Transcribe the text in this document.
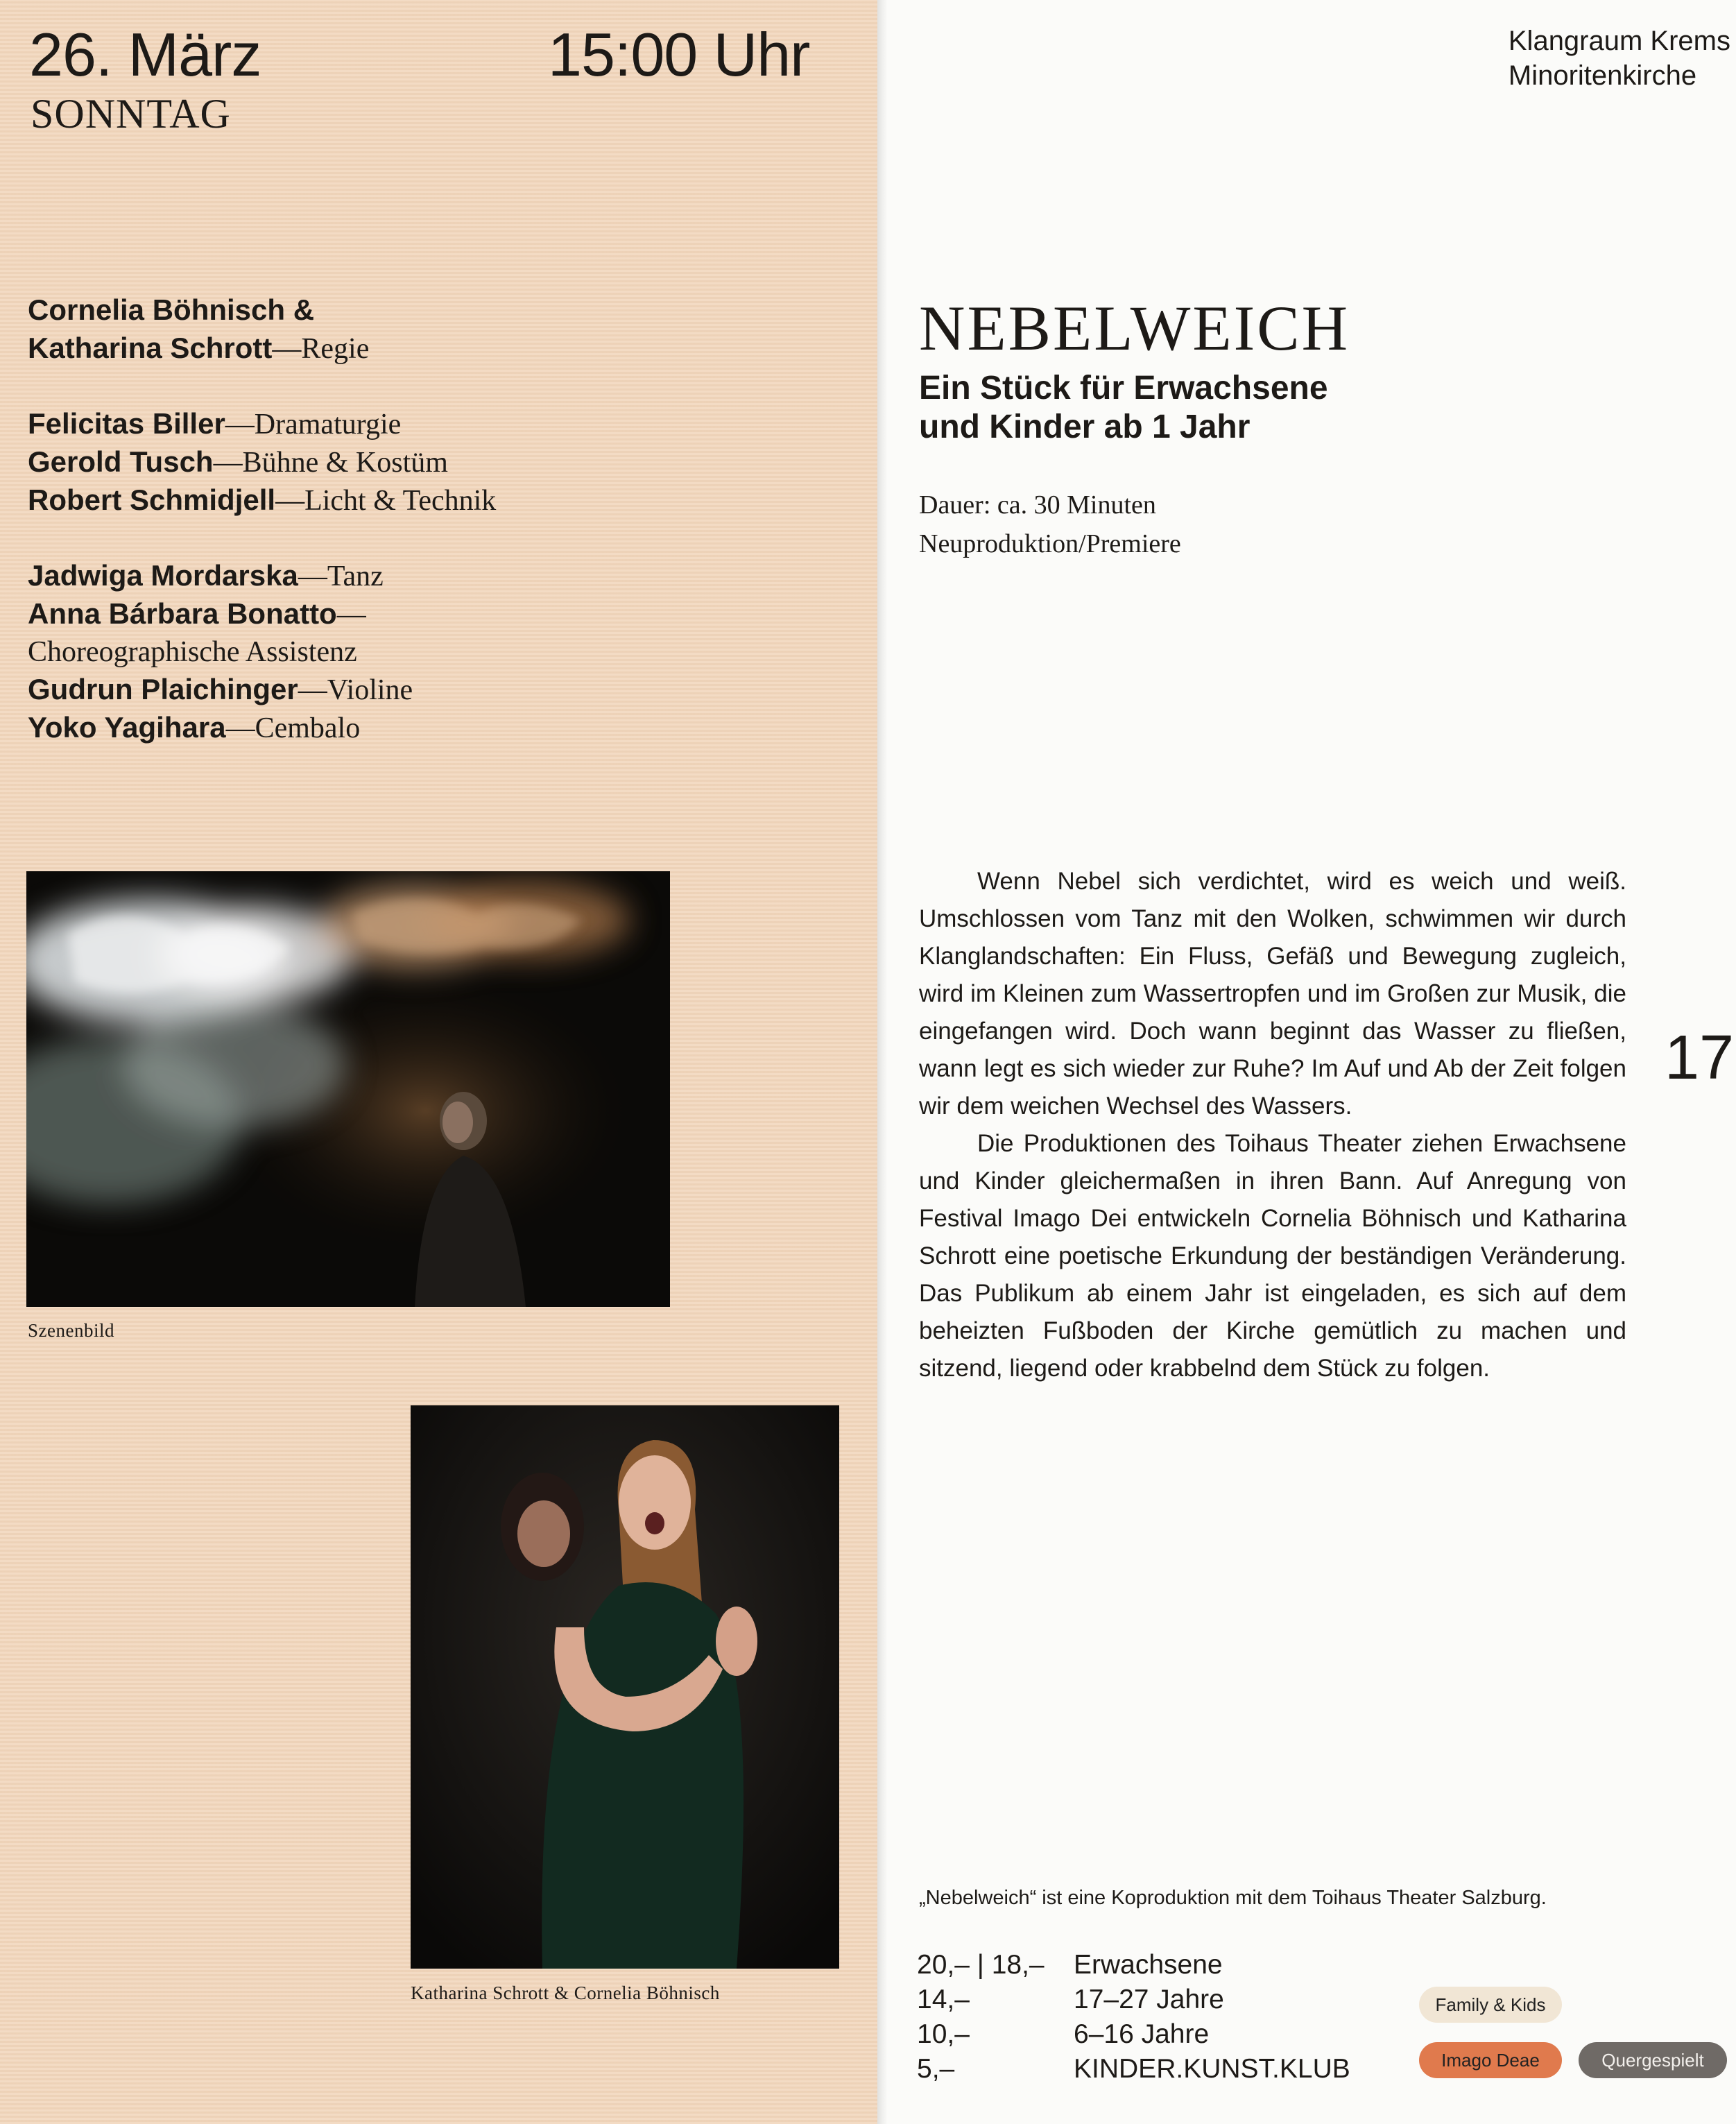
26. März	15:00 Uhr
SONNTAG
Cornelia Böhnisch &
Katharina Schrott—Regie
Felicitas Biller—Dramaturgie
Gerold Tusch—Bühne & Kostüm
Robert Schmidjell—Licht & Technik
Jadwiga Mordarska—Tanz
Anna Bárbara Bonatto—
Choreographische Assistenz
Gudrun Plaichinger—Violine
Yoko Yagihara—Cembalo
Szenenbild
Katharina Schrott & Cornelia Böhnisch
Klangraum Krems
Minoritenkirche
NEBELWEICH
Ein Stück für Erwachsene
und Kinder ab 1 Jahr
Dauer: ca. 30 Minuten
Neuproduktion/Premiere

Wenn Nebel sich verdichtet, wird es weich und weiß. Umschlossen vom Tanz mit den Wolken, schwimmen wir durch Klanglandschaften: Ein Fluss, Gefäß und Bewegung zugleich, wird im Kleinen zum Wassertropfen und im Großen zur Musik, die eingefangen wird. Doch wann beginnt das Wasser zu fließen, wann legt es sich wieder zur Ruhe? Im Auf und Ab der Zeit folgen wir dem weichen Wechsel des Wassers.

Die Produktionen des Toihaus Theater ziehen Erwachsene und Kinder gleichermaßen in ihren Bann. Auf Anregung von Festival Imago Dei entwickeln Cornelia Böhnisch und Katharina Schrott eine poetische Erkundung der beständigen Veränderung. Das Publikum ab einem Jahr ist eingeladen, es sich auf dem beheizten Fußboden der Kirche gemütlich zu machen und sitzend, liegend oder krabbelnd dem Stück zu folgen.

17
„Nebelweich“ ist eine Koproduktion mit dem Toihaus Theater Salzburg.
20,– | 18,–	Erwachsene
14,–	17–27 Jahre
10,–	6–16 Jahre
5,–	KINDER.KUNST.KLUB
Family & Kids
Imago Deae	Quergespielt
